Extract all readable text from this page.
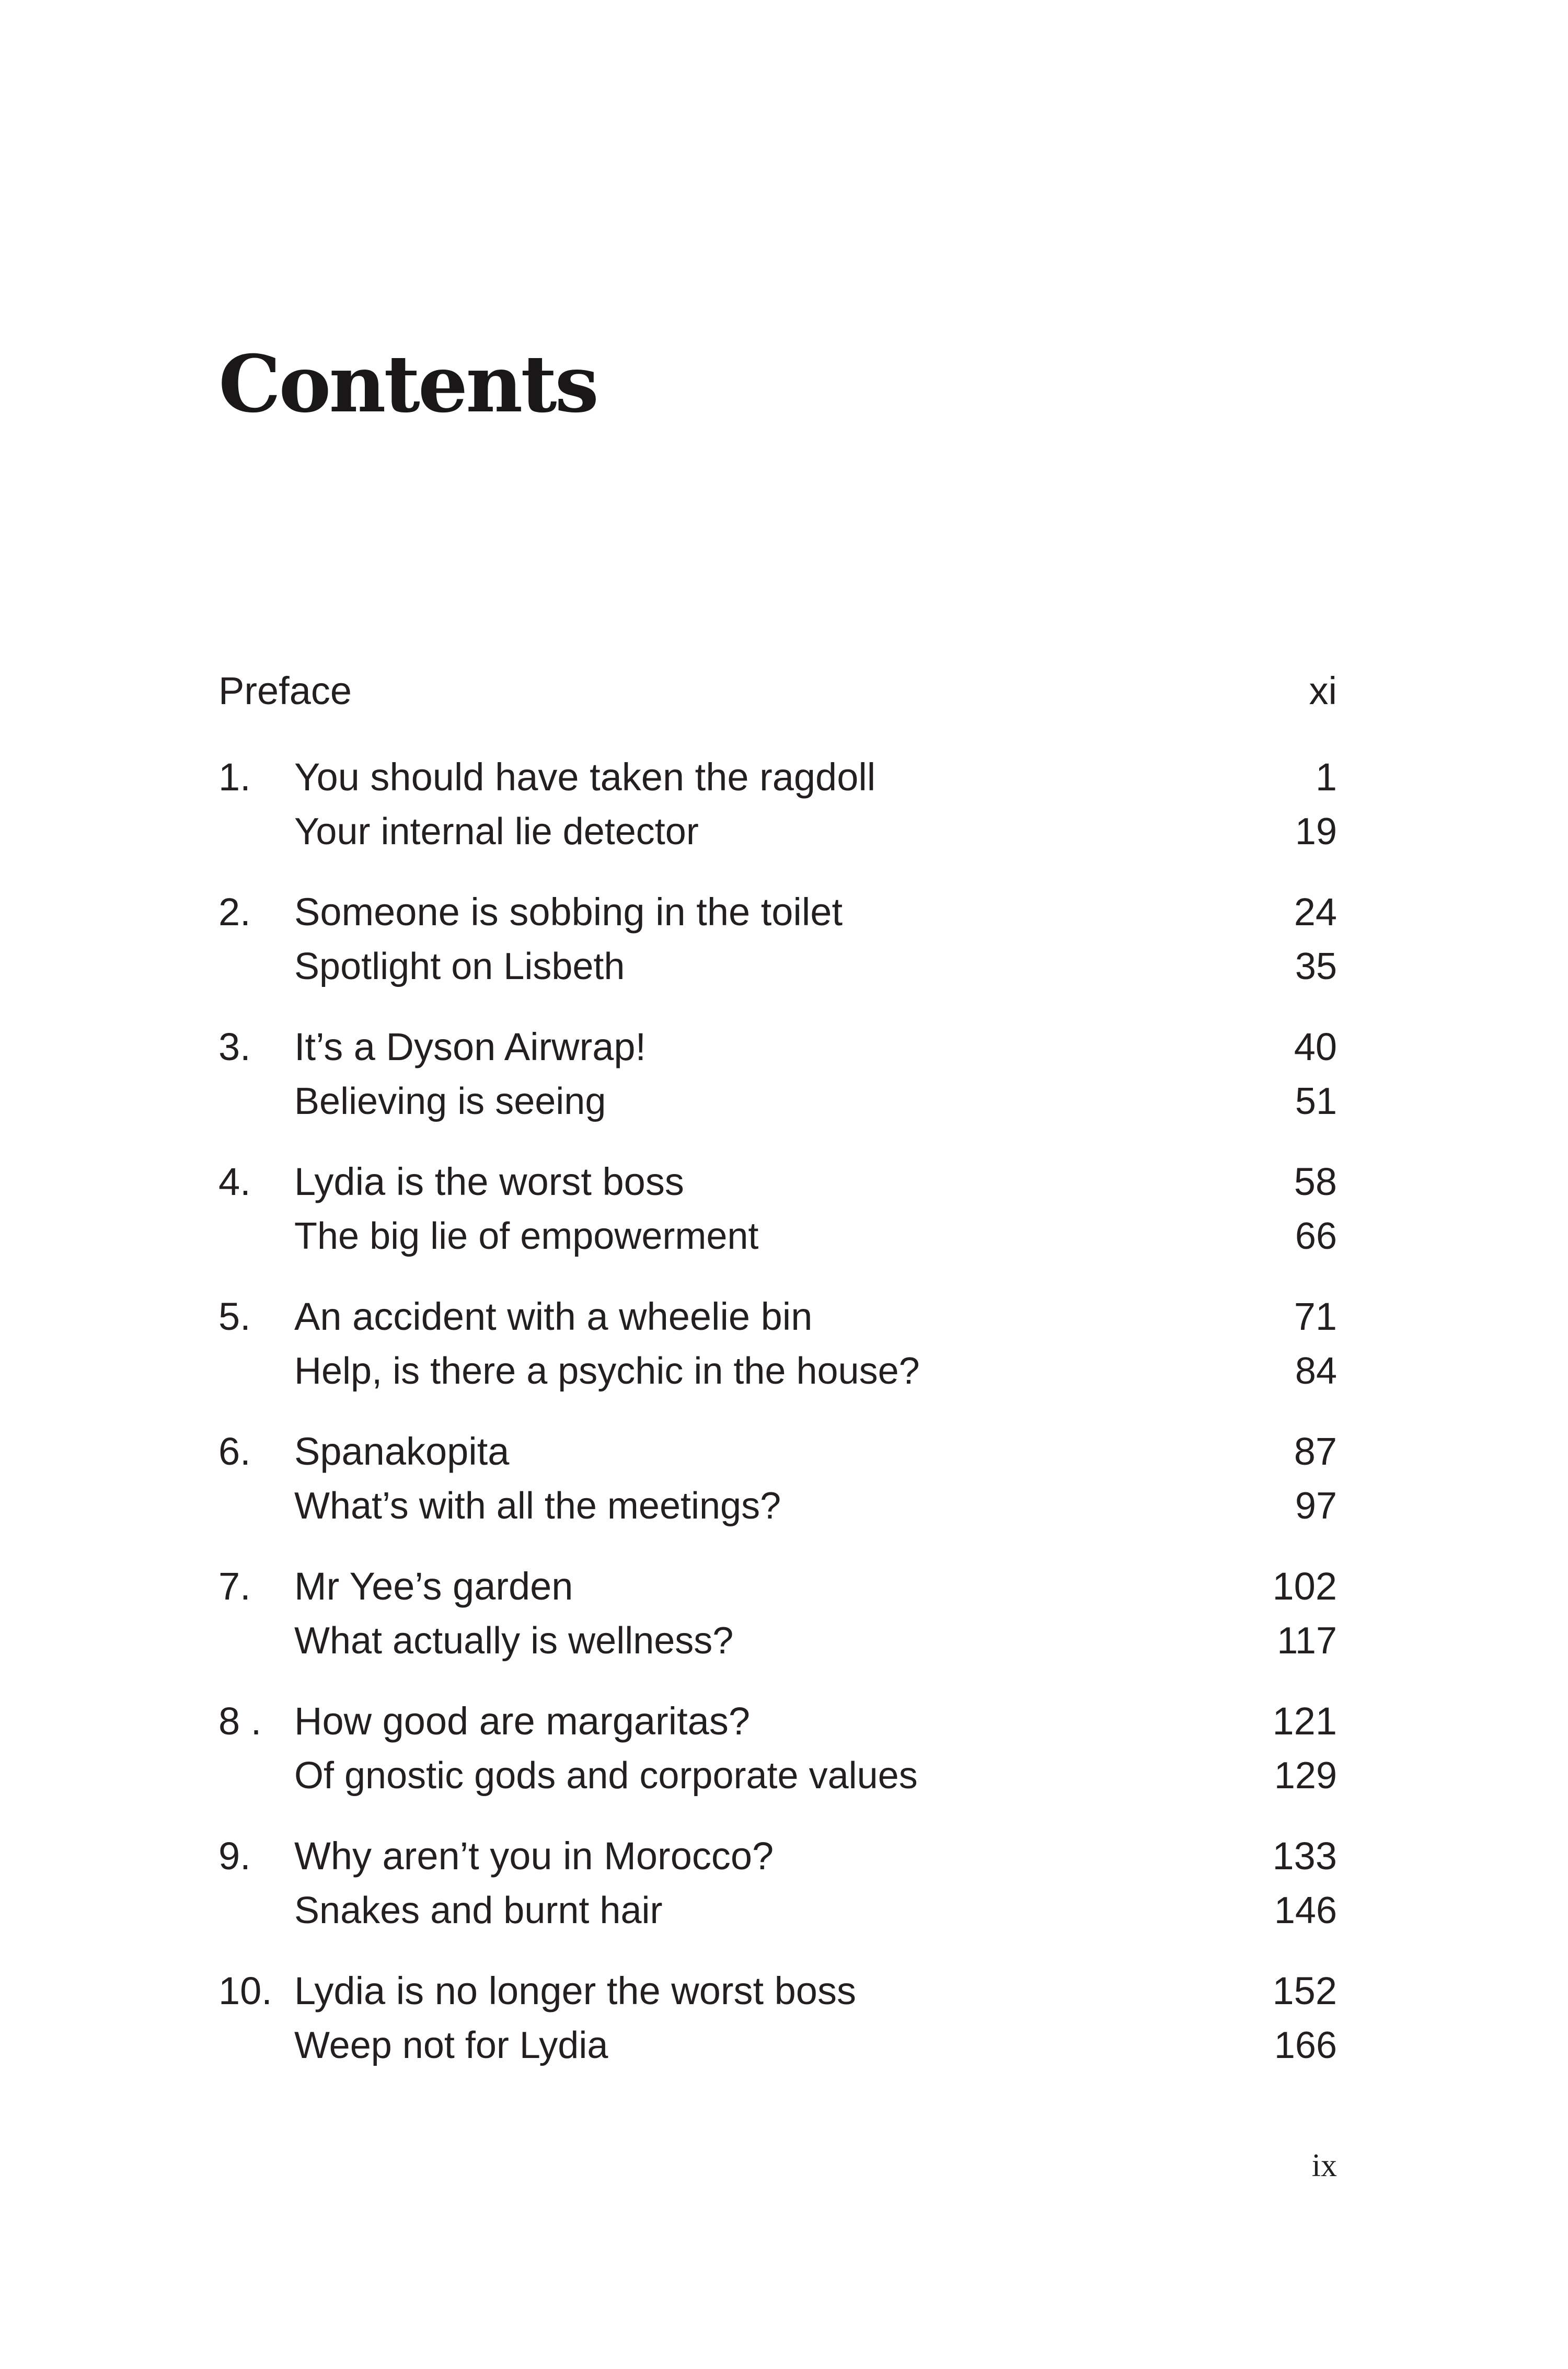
Contents
Preface	xi
1.	You should have taken the ragdoll	1
Your internal lie detector	19
2.	Someone is sobbing in the toilet	24
Spotlight on Lisbeth	35
3.	It’s a Dyson Airwrap!	40
Believing is seeing	51
4.	Lydia is the worst boss	58
The big lie of empowerment	66
5.	An accident with a wheelie bin	71
Help, is there a psychic in the house?	84
6.	Spanakopita	87
What’s with all the meetings?	97
7.	Mr Yee’s garden	102
What actually is wellness?	117
8 . How good are margaritas?	121
Of gnostic gods and corporate values	129
9.	Why aren’t you in Morocco?	133
Snakes and burnt hair	146
10. Lydia is no longer the worst boss	152
Weep not for Lydia	166
ix
